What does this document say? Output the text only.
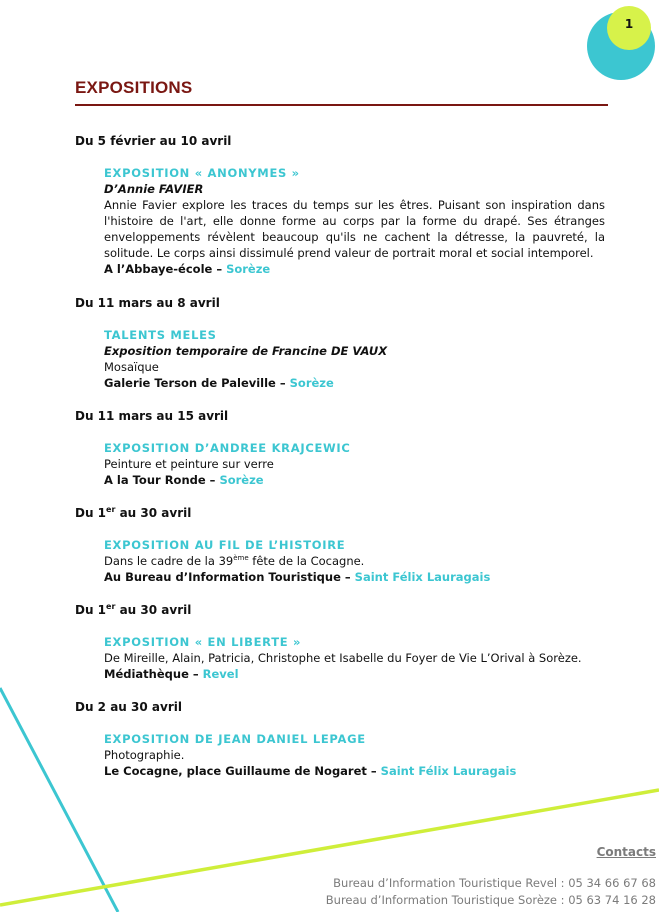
1
EXPOSITIONS
Du 5 février au 10 avril
EXPOSITION « ANONYMES »
D’Annie FAVIER
Annie Favier explore les traces du temps sur les êtres. Puisant son inspiration dans l'histoire de l'art, elle donne forme au corps par la forme du drapé. Ses étranges enveloppements révèlent beaucoup qu'ils ne cachent la détresse, la pauvreté, la solitude. Le corps ainsi dissimulé prend valeur de portrait moral et social intemporel.
A l’Abbaye-école – Sorèze
Du 11 mars au 8 avril
TALENTS MELES
Exposition temporaire de Francine DE VAUX
Mosaïque
Galerie Terson de Paleville – Sorèze
Du 11 mars au 15 avril
EXPOSITION D’ANDREE KRAJCEWIC
Peinture et peinture sur verre
A la Tour Ronde – Sorèze
Du 1er au 30 avril
EXPOSITION AU FIL DE L’HISTOIRE
Dans le cadre de la 39ème fête de la Cocagne.
Au Bureau d’Information Touristique – Saint Félix Lauragais
Du 1er au 30 avril
EXPOSITION « EN LIBERTE »
De Mireille, Alain, Patricia, Christophe et Isabelle du Foyer de Vie L’Orival à Sorèze.
Médiathèque – Revel
Du 2 au 30 avril
EXPOSITION DE JEAN DANIEL LEPAGE
Photographie.
Le Cocagne, place Guillaume de Nogaret – Saint Félix Lauragais
Contacts
Bureau d’Information Touristique Revel : 05 34 66 67 68
Bureau d’Information Touristique Sorèze : 05 63 74 16 28
